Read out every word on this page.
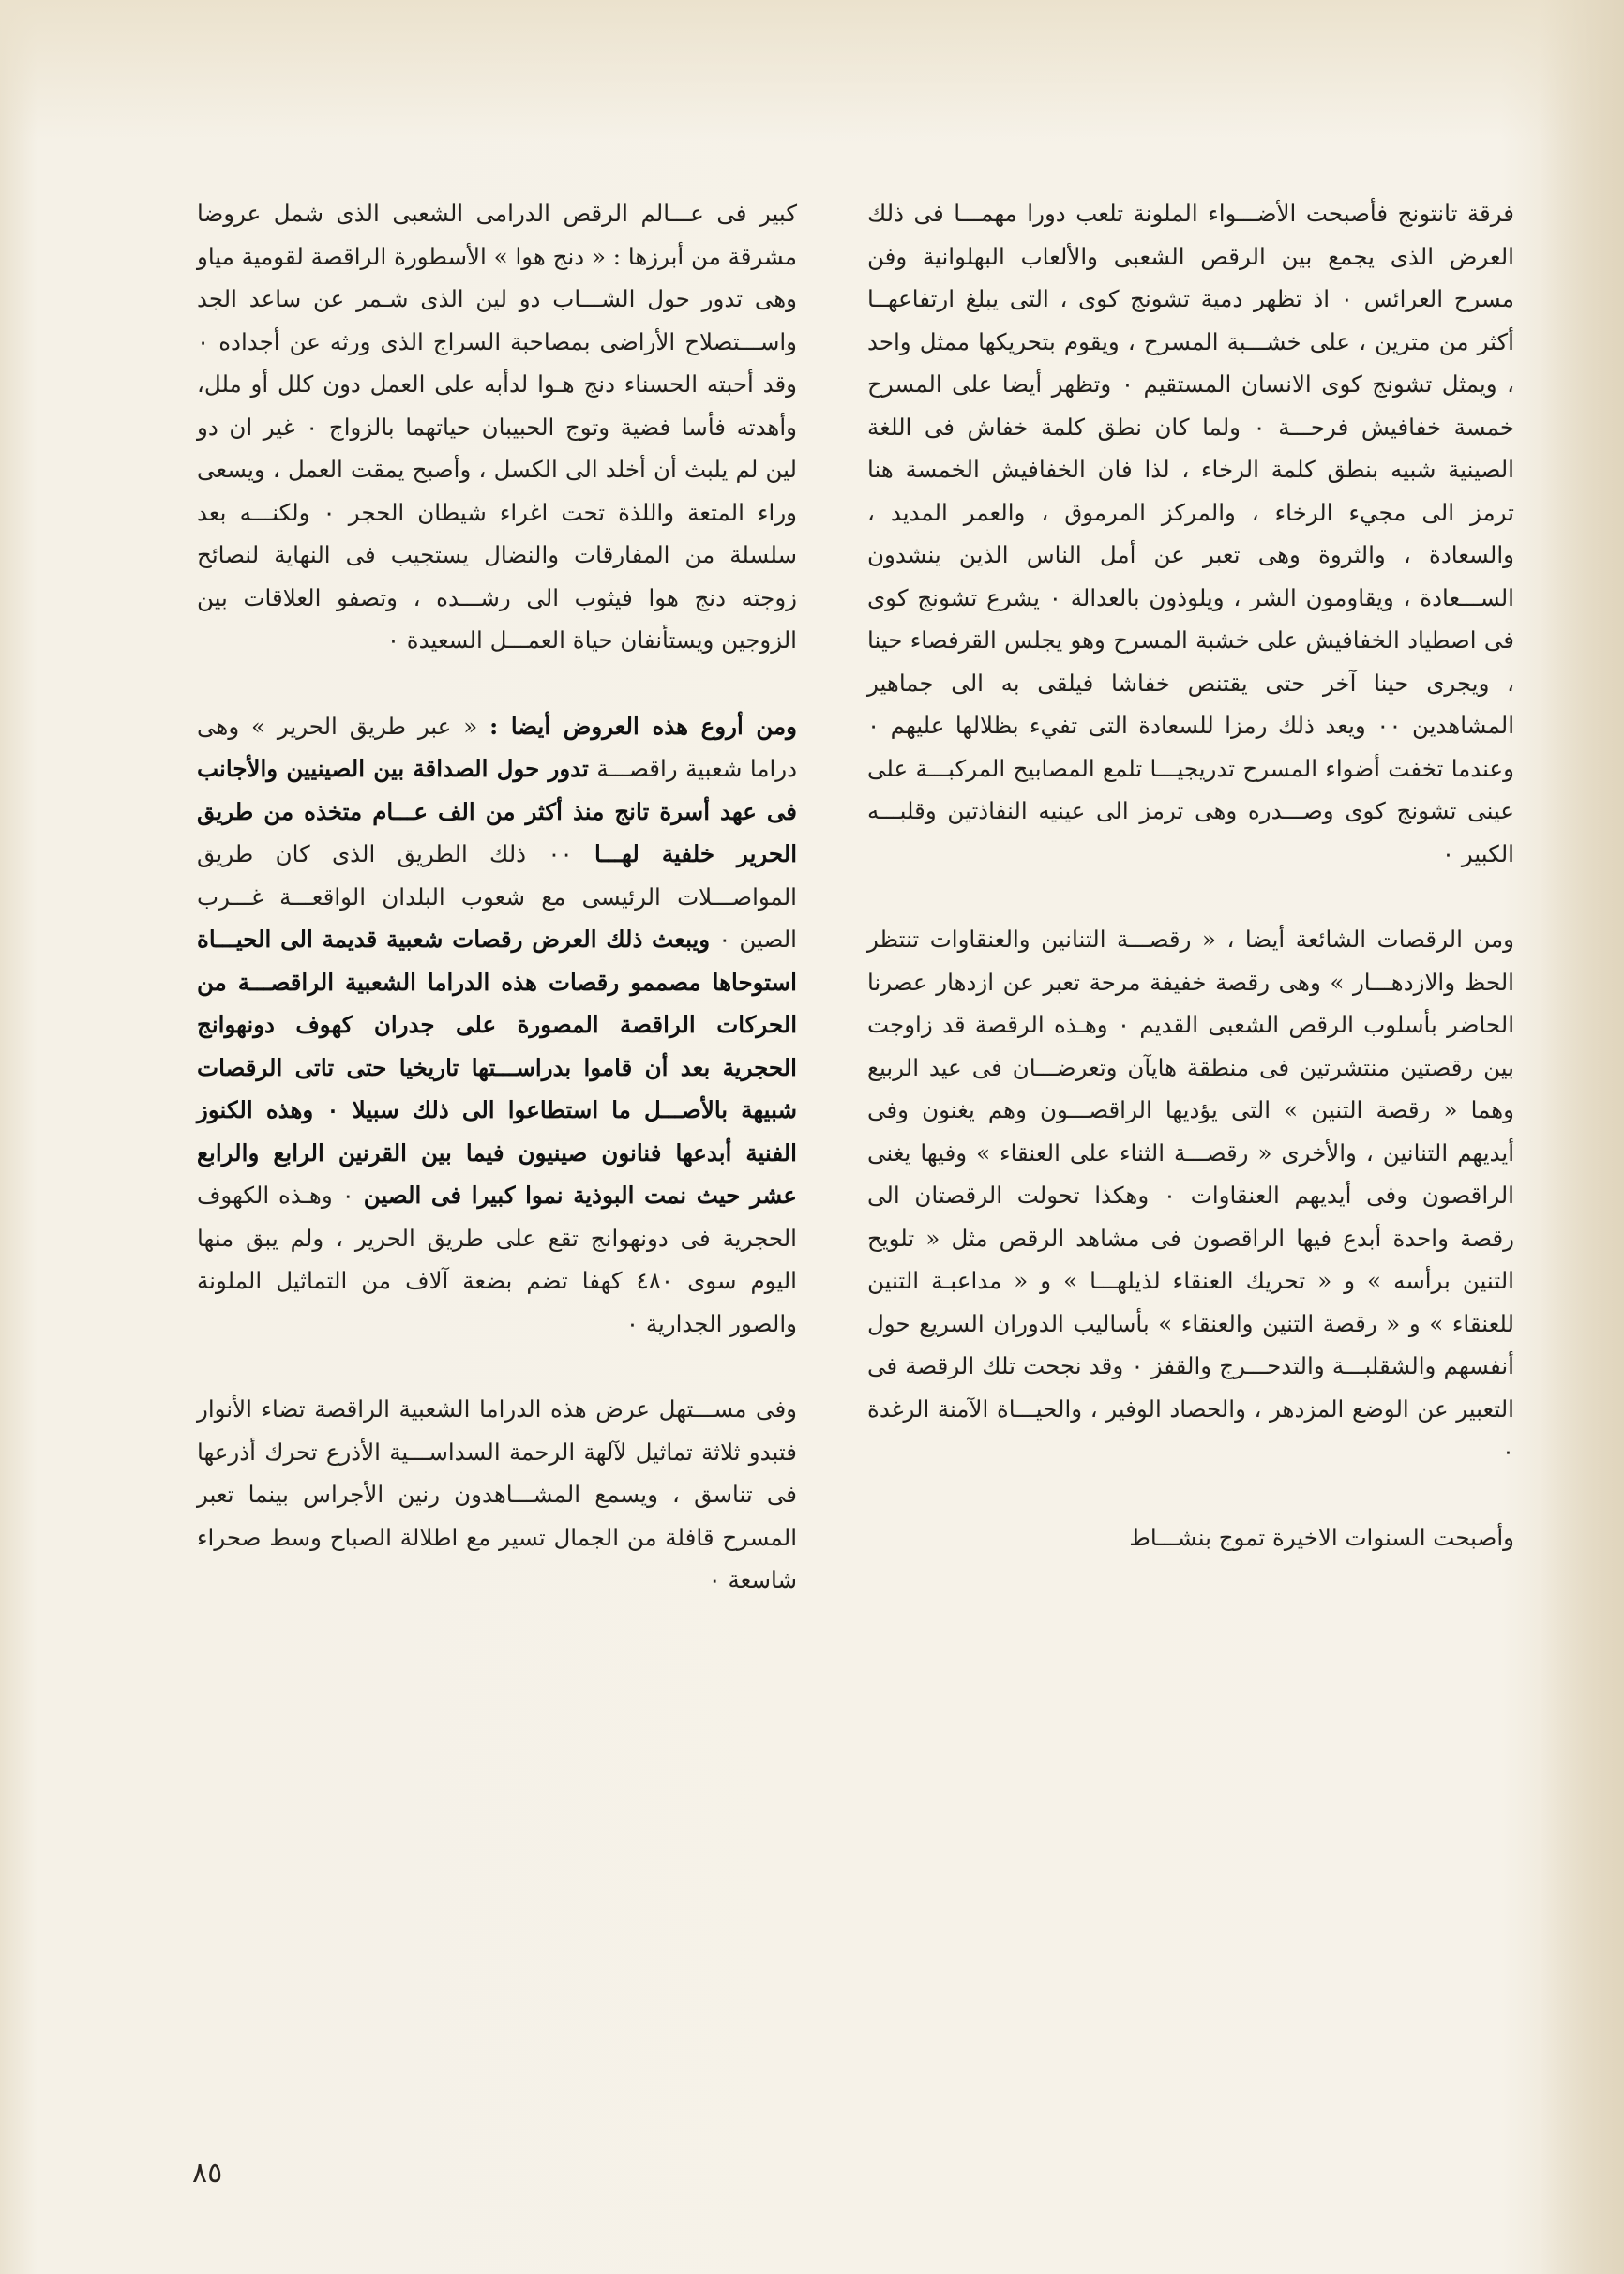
فرقة تانتونج فأصبحت الأضـــواء الملونة تلعب دورا مهمـــا فى ذلك العرض الذى يجمع بين الرقص الشعبى والألعاب البهلوانية وفن مسرح العرائس ٠ اذ تظهر دمية تشونج كوى ، التى يبلغ ارتفاعهــا أكثر من مترين ، على خشـــبة المسرح ، ويقوم بتحريكها ممثل واحد ، ويمثل تشونج كوى الانسان المستقيم ٠ وتظهر أيضا على المسرح خمسة خفافيش فرحـــة ٠ ولما كان نطق كلمة خفاش فى اللغة الصينية شبيه بنطق كلمة الرخاء ، لذا فان الخفافيش الخمسة هنا ترمز الى مجيء الرخاء ، والمركز المرموق ، والعمر المديد ، والسعادة ، والثروة وهى تعبر عن أمل الناس الذين ينشدون الســـعادة ، ويقاومون الشر ، ويلوذون بالعدالة ٠ يشرع تشونج كوى فى اصطياد الخفافيش على خشبة المسرح وهو يجلس القرفصاء حينا ، ويجرى حينا آخر حتى يقتنص خفاشا فيلقى به الى جماهير المشاهدين ٠٠ ويعد ذلك رمزا للسعادة التى تفيء بظلالها عليهم ٠ وعندما تخفت أضواء المسرح تدريجيـــا تلمع المصابيح المركبـــة على عينى تشونج كوى وصـــدره وهى ترمز الى عينيه النفاذتين وقلبـــه الكبير ٠

ومن الرقصات الشائعة أيضا ، « رقصـــة التنانين والعنقاوات تنتظر الحظ والازدهـــار » وهى رقصة خفيفة مرحة تعبر عن ازدهار عصرنا الحاضر بأسلوب الرقص الشعبى القديم ٠ وهـذه الرقصة قد زاوجت بين رقصتين منتشرتين فى منطقة هايآن وتعرضـــان فى عيد الربيع وهما « رقصة التنين » التى يؤديها الراقصـــون وهم يغنون وفى أيديهم التنانين ، والأخرى « رقصـــة الثناء على العنقاء » وفيها يغنى الراقصون وفى أيديهم العنقاوات ٠ وهكذا تحولت الرقصتان الى رقصة واحدة أبدع فيها الراقصون فى مشاهد الرقص مثل « تلويح التنين برأسه » و « تحريك العنقاء لذيلهـــا » و « مداعبـة التنين للعنقاء » و « رقصة التنين والعنقاء » بأساليب الدوران السريع حول أنفسهم والشقلبـــة والتدحـــرج والقفز ٠ وقد نجحت تلك الرقصة فى التعبير عن الوضع المزدهر ، والحصاد الوفير ، والحيـــاة الآمنة الرغدة ٠

وأصبحت السنوات الاخيرة تموج بنشـــاط

كبير فى عـــالم الرقص الدرامى الشعبى الذى شمل عروضا مشرقة من أبرزها : « دنج هوا » الأسطورة الراقصة لقومية مياو وهى تدور حول الشـــاب دو لين الذى شـمر عن ساعد الجد واســـتصلاح الأراضى بمصاحبة السراج الذى ورثه عن أجداده ٠ وقد أحبته الحسناء دنج هـوا لدأبه على العمل دون كلل أو ملل، وأهدته فأسا فضية وتوج الحبيبان حياتهما بالزواج ٠ غير ان دو لين لم يلبث أن أخلد الى الكسل ، وأصبح يمقت العمل ، ويسعى وراء المتعة واللذة تحت اغراء شيطان الحجر ٠ ولكنـــه بعد سلسلة من المفارقات والنضال يستجيب فى النهاية لنصائح زوجته دنج هوا فيثوب الى رشـــده ، وتصفو العلاقات بين الزوجين ويستأنفان حياة العمـــل السعيدة ٠

ومن أروع هذه العروض أيضا : « عبر طريق الحرير » وهى دراما شعبية راقصـــة تدور حول الصداقة بين الصينيين والأجانب فى عهد أسرة تانج منذ أكثر من الف عـــام متخذه من طريق الحرير خلفية لهـــا ٠٠ ذلك الطريق الذى كان طريق المواصـــلات الرئيسى مع شعوب البلدان الواقعـــة غـــرب الصين ٠ ويبعث ذلك العرض رقصات شعبية قديمة الى الحيـــاة استوحاها مصممو رقصات هذه الدراما الشعبية الراقصـــة من الحركات الراقصة المصورة على جدران كهوف دونهوانج الحجرية بعد أن قاموا بدراســـتها تاريخيا حتى تاتى الرقصات شبيهة بالأصـــل ما استطاعوا الى ذلك سبيلا ٠ وهذه الكنوز الفنية أبدعها فنانون صينيون فيما بين القرنين الرابع والرابع عشر حيث نمت البوذية نموا كبيرا فى الصين ٠ وهـذه الكهوف الحجرية فى دونهوانج تقع على طريق الحرير ، ولم يبق منها اليوم سوى ٤٨٠ كهفا تضم بضعة آلاف من التماثيل الملونة والصور الجدارية ٠

وفى مســـتهل عرض هذه الدراما الشعبية الراقصة تضاء الأنوار فتبدو ثلاثة تماثيل لآلهة الرحمة السداســـية الأذرع تحرك أذرعها فى تناسق ، ويسمع المشـــاهدون رنين الأجراس بينما تعبر المسرح قافلة من الجمال تسير مع اطلالة الصباح وسط صحراء شاسعة ٠

٨٥
